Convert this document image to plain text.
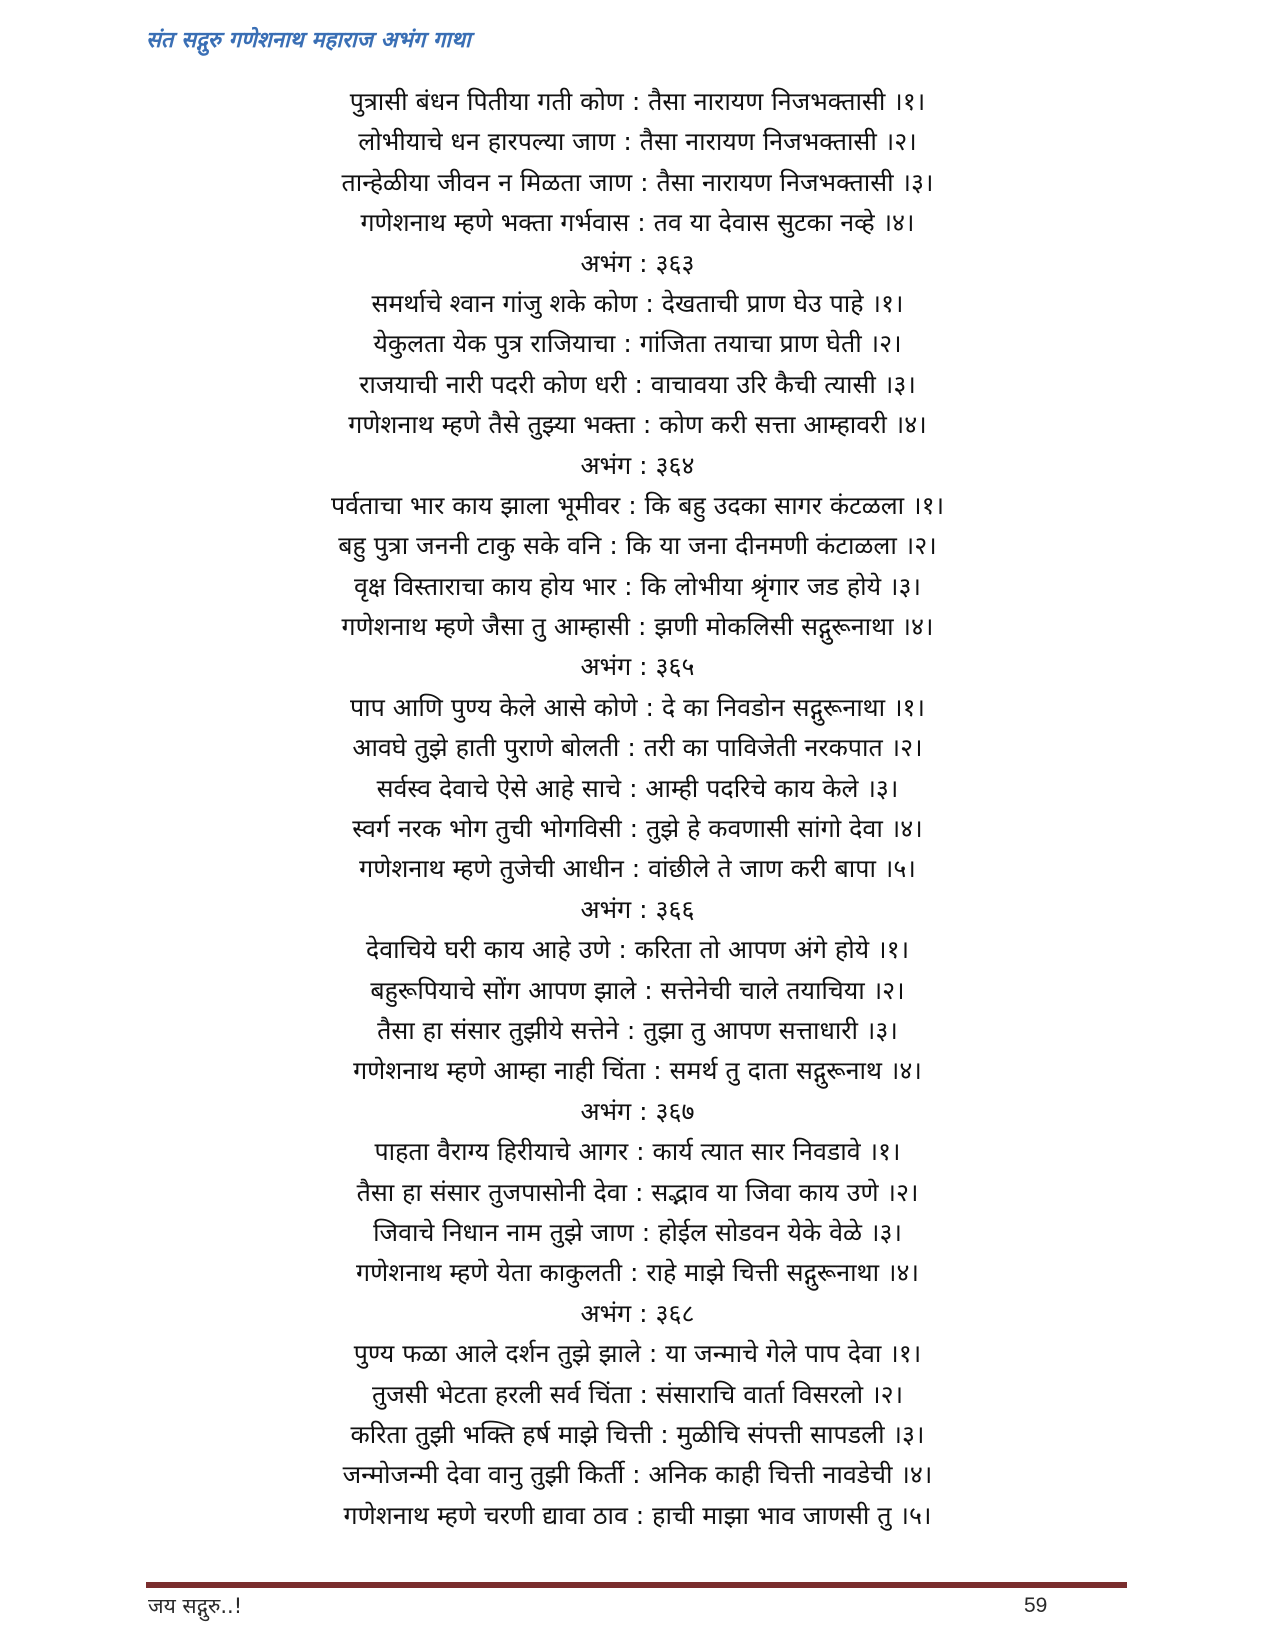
संत सद्गुरु गणेशनाथ महाराज अभंग गाथा
पुत्रासी बंधन पितीया गती कोण : तैसा नारायण निजभक्तासी ।१।
लोभीयाचे धन हारपल्या जाण : तैसा नारायण निजभक्तासी ।२।
तान्हेळीया जीवन न मिळता जाण : तैसा नारायण निजभक्तासी ।३।
गणेशनाथ म्हणे भक्ता गर्भवास : तव या देवास सुटका नव्हे ।४।
अभंग : ३६३
समर्थाचे श्वान गांजु शके कोण : देखताची प्राण घेउ पाहे ।१।
येकुलता येक पुत्र राजियाचा : गांजिता तयाचा प्राण घेती ।२।
राजयाची नारी पदरी कोण धरी : वाचावया उरि कैची त्यासी ।३।
गणेशनाथ म्हणे तैसे तुझ्या भक्ता : कोण करी सत्ता आम्हावरी ।४।
अभंग : ३६४
पर्वताचा भार काय झाला भूमीवर : कि बहु उदका सागर कंटळला ।१।
बहु पुत्रा जननी टाकु सके वनि : कि या जना दीनमणी कंटाळला ।२।
वृक्ष विस्ताराचा काय होय भार : कि लोभीया श्रृंगार जड होये ।३।
गणेशनाथ म्हणे जैसा तु आम्हासी : झणी मोकलिसी सद्गुरूनाथा ।४।
अभंग : ३६५
पाप आणि पुण्य केले आसे कोणे : दे का निवडोन सद्गुरूनाथा ।१।
आवघे तुझे हाती पुराणे बोलती : तरी का पाविजेती नरकपात ।२।
सर्वस्व देवाचे ऐसे आहे साचे : आम्ही पदरिचे काय केले ।३।
स्वर्ग नरक भोग तुची भोगविसी : तुझे हे कवणासी सांगो देवा ।४।
गणेशनाथ म्हणे तुजेची आधीन : वांछीले ते जाण करी बापा ।५।
अभंग : ३६६
देवाचिये घरी काय आहे उणे : करिता तो आपण अंगे होये ।१।
बहुरूपियाचे सोंग आपण झाले : सत्तेनेची चाले तयाचिया ।२।
तैसा हा संसार तुझीये सत्तेने : तुझा तु आपण सत्ताधारी ।३।
गणेशनाथ म्हणे आम्हा नाही चिंता : समर्थ तु दाता सद्गुरूनाथ ।४।
अभंग : ३६७
पाहता वैराग्य हिरीयाचे आगर : कार्य त्यात सार निवडावे ।१।
तैसा हा संसार तुजपासोनी देवा : सद्भाव या जिवा काय उणे ।२।
जिवाचे निधान नाम तुझे जाण : होईल सोडवन येके वेळे ।३।
गणेशनाथ म्हणे येता काकुलती : राहे माझे चित्ती सद्गुरूनाथा ।४।
अभंग : ३६८
पुण्य फळा आले दर्शन तुझे झाले : या जन्माचे गेले पाप देवा ।१।
तुजसी भेटता हरली सर्व चिंता : संसाराचि वार्ता विसरलो ।२।
करिता तुझी भक्ति हर्ष माझे चित्ती : मुळीचि संपत्ती सापडली ।३।
जन्मोजन्मी देवा वानु तुझी किर्ती : अनिक काही चित्ती नावडेची ।४।
गणेशनाथ म्हणे चरणी द्यावा ठाव : हाची माझा भाव जाणसी तु ।५।
जय सद्गुरु..!	59
